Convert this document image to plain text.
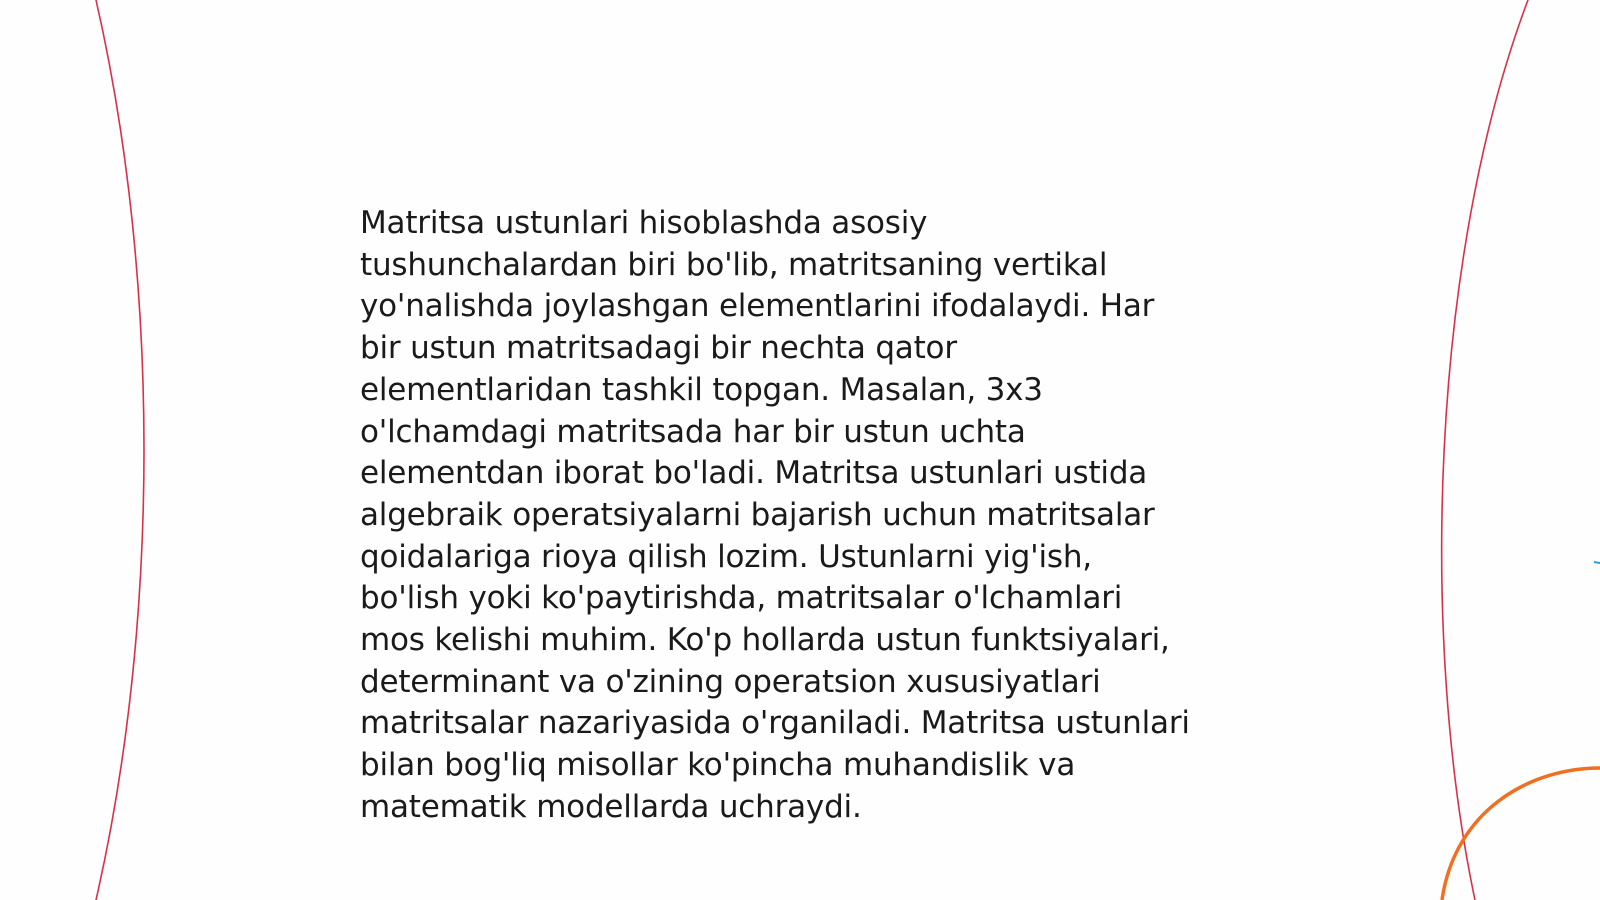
Matritsa ustunlari hisoblashda asosiy
tushunchalardan biri bo'lib, matritsaning vertikal
yo'nalishda joylashgan elementlarini ifodalaydi. Har
bir ustun matritsadagi bir nechta qator
elementlaridan tashkil topgan. Masalan, 3x3
o'lchamdagi matritsada har bir ustun uchta
elementdan iborat bo'ladi. Matritsa ustunlari ustida
algebraik operatsiyalarni bajarish uchun matritsalar
qoidalariga rioya qilish lozim. Ustunlarni yig'ish,
bo'lish yoki ko'paytirishda, matritsalar o'lchamlari
mos kelishi muhim. Ko'p hollarda ustun funktsiyalari,
determinant va o'zining operatsion xususiyatlari
matritsalar nazariyasida o'rganiladi. Matritsa ustunlari
bilan bog'liq misollar ko'pincha muhandislik va
matematik modellarda uchraydi.
